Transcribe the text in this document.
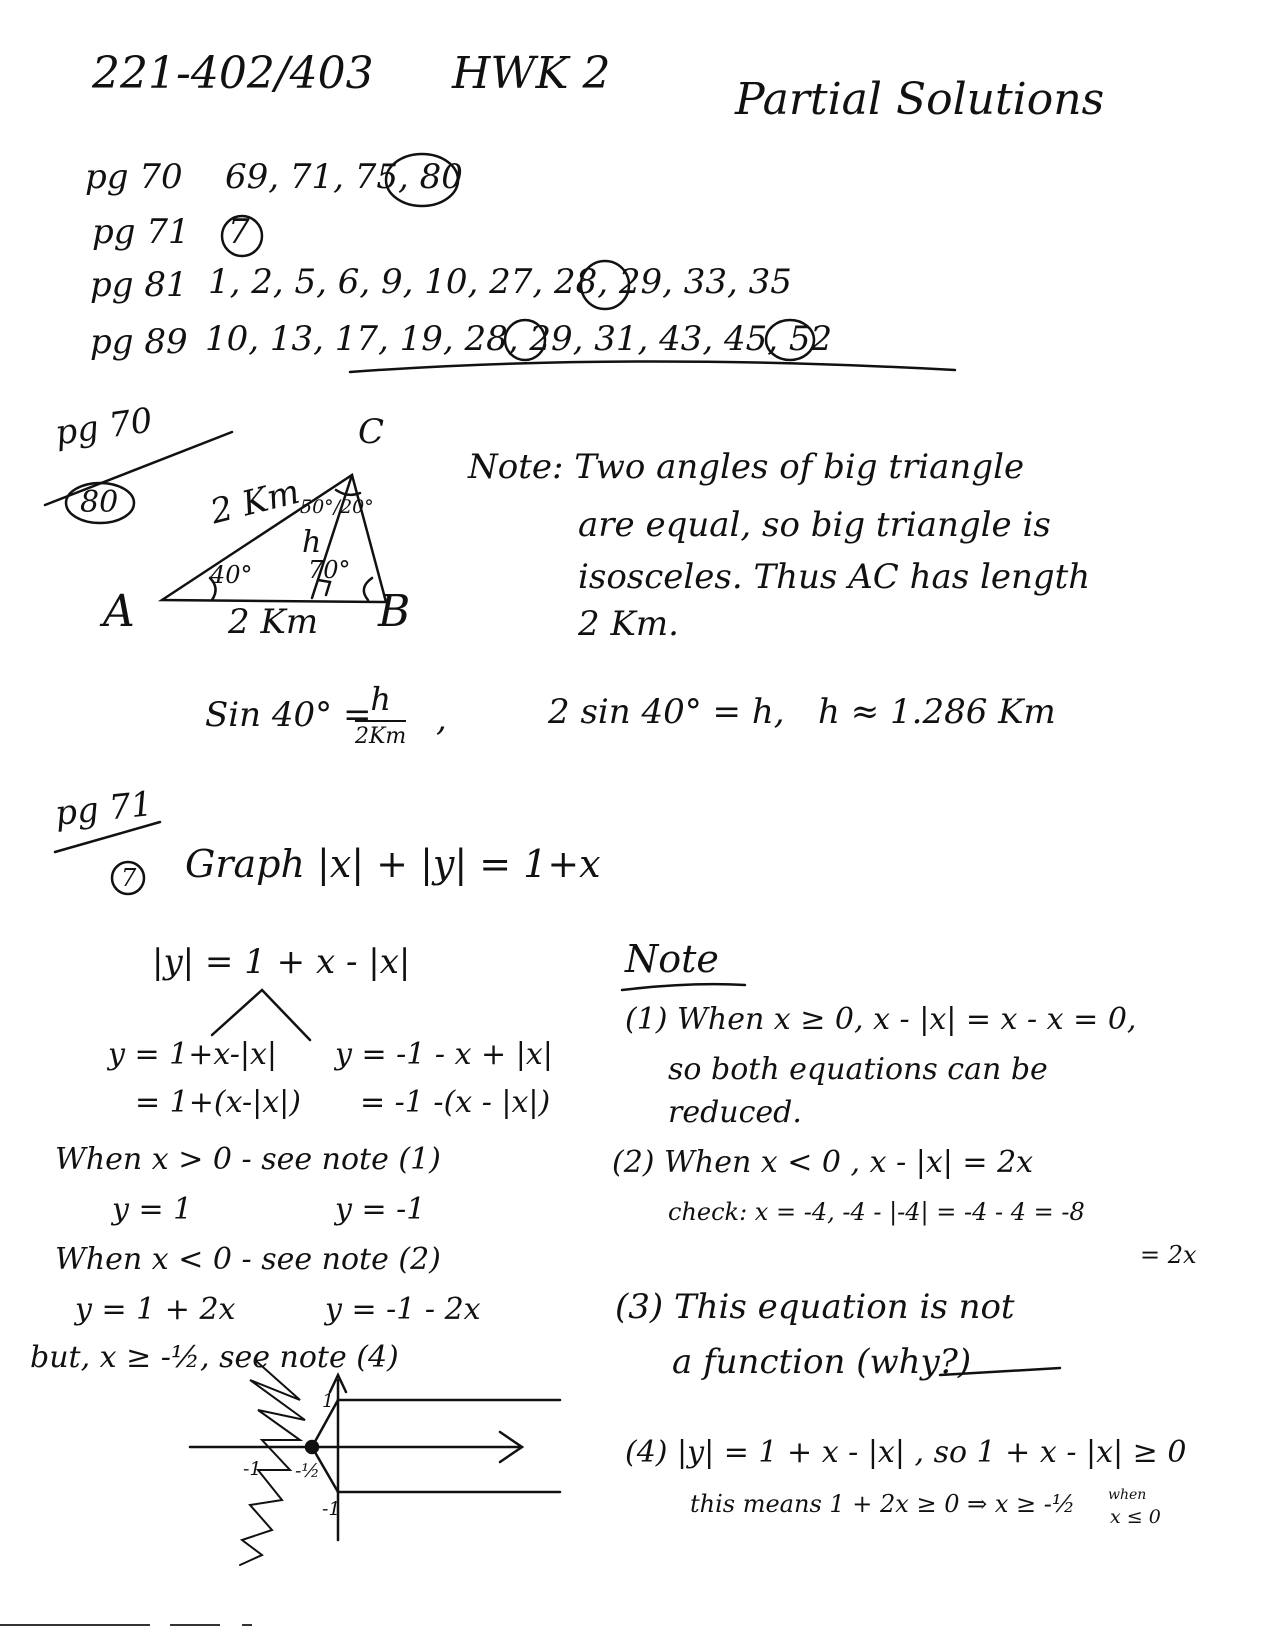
221-402/403 HWK 2
Partial Solutions
pg 70 69, 71, 75, 80
pg 71 7
pg 81 1, 2, 5, 6, 9, 10, 27, 28, 29, 33, 35
pg 89 10, 13, 17, 19, 28, 29, 31, 43, 45, 52
pg 70
80
C
2 Km
50°/20°
h
40° 70°
A	2 Km B
Note: Two angles of big triangle
are equal, so big triangle is
isosceles. Thus AC has length
2 Km.
Sin 40° =
h
2Km ,	2 sin 40° = h, h ≈ 1.286 Km
pg 71
7 Graph |x| + |y| = 1+x
|y| = 1 + x - |x|
y = 1+x-|x| y = -1 - x + |x|
= 1+(x-|x|) = -1 -(x - |x|)
When x > 0 - see note (1)
y = 1	y = -1
When x < 0 - see note (2)
y = 1 + 2x	y = -1 - 2x
but, x ≥ -½, see note (4)
1
-1
-1 -½
Note
(1) When x ≥ 0, x - |x| = x - x = 0,
so both equations can be
reduced.
(2) When x < 0 , x - |x| = 2x
check: x = -4, -4 - |-4| = -4 - 4 = -8
= 2x
(3) This equation is not
a function (why?)
(4) |y| = 1 + x - |x| , so 1 + x - |x| ≥ 0
this means 1 + 2x ≥ 0 ⇒ x ≥ -½ when
x ≤ 0
